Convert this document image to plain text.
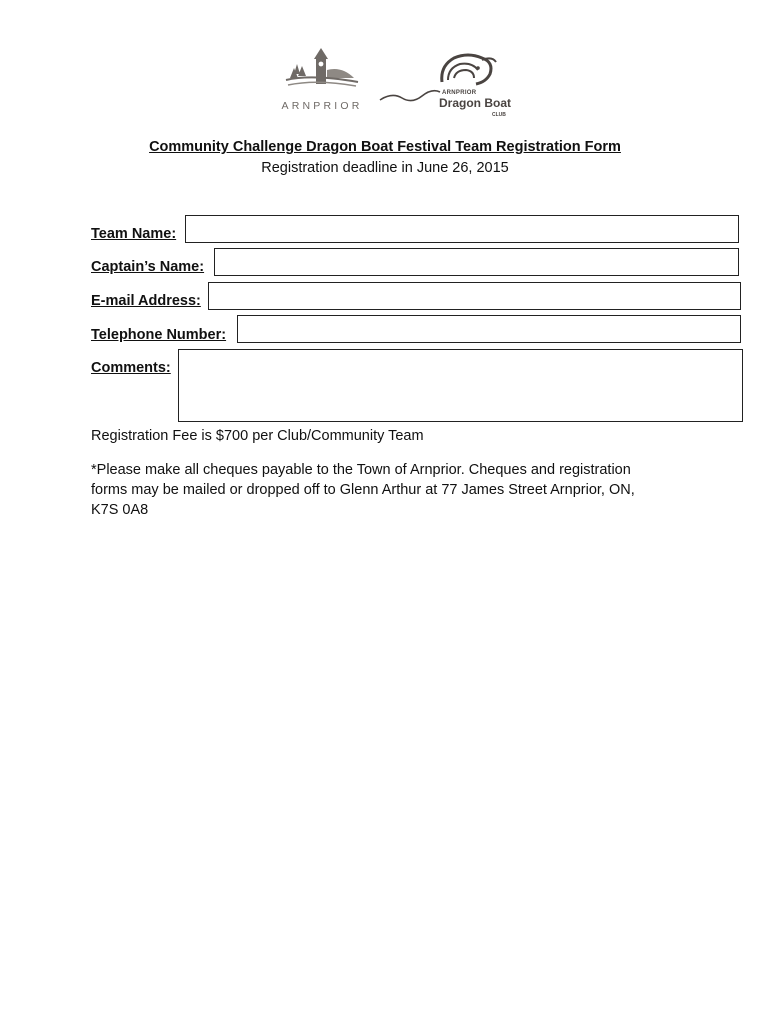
ARNPRIOR
ARNPRIOR
Dragon Boat
CLUB
Community Challenge Dragon Boat Festival Team Registration Form
Registration deadline in June 26, 2015
Team Name:
Captain’s Name:
E-mail Address:
Telephone Number:
Comments:
Registration Fee is $700 per Club/Community Team
*Please make all cheques payable to the Town of Arnprior. Cheques and registration
forms may be mailed or dropped off to Glenn Arthur at 77 James Street Arnprior, ON,
K7S 0A8
